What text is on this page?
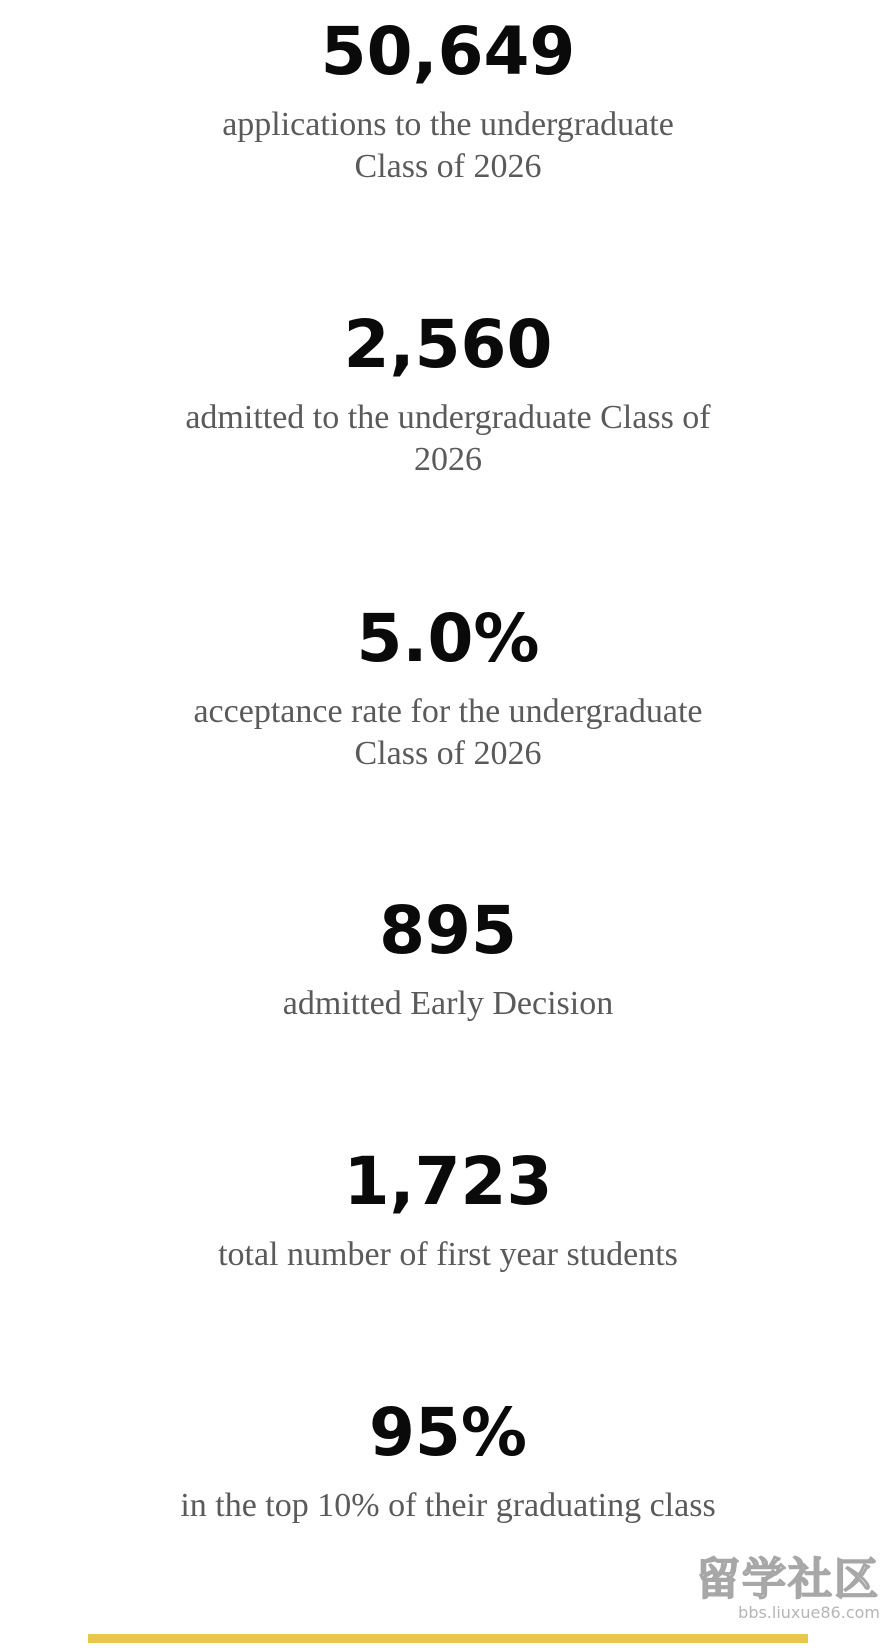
50,649
applications to the undergraduate Class of 2026
2,560
admitted to the undergraduate Class of 2026
5.0%
acceptance rate for the undergraduate Class of 2026
895
admitted Early Decision
1,723
total number of first year students
95%
in the top 10% of their graduating class
留学社区
bbs.liuxue86.com
